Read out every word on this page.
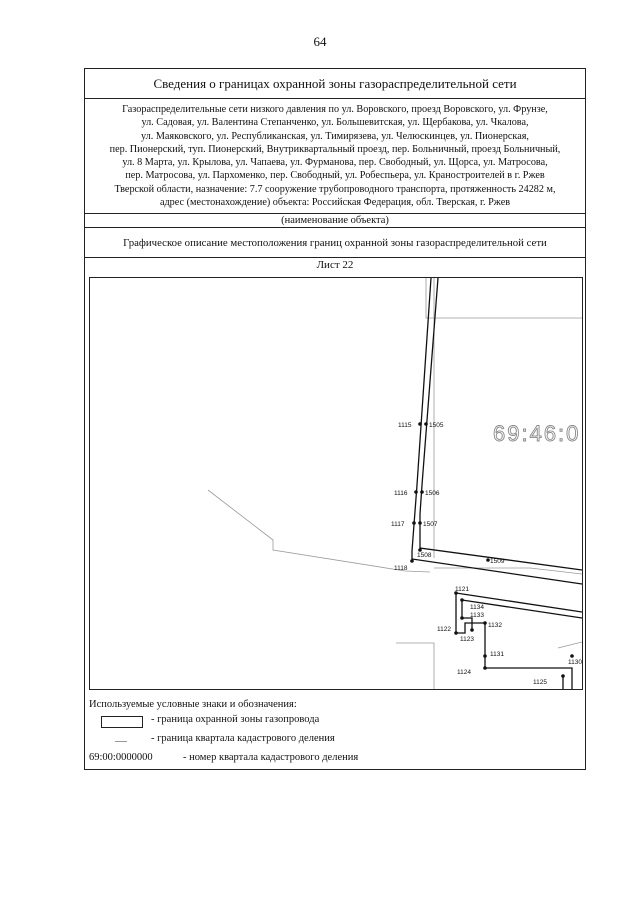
64
Сведения о границах охранной зоны газораспределительной сети
Газораспределительные сети низкого давления по ул. Воровского, проезд Воровского, ул. Фрунзе,
ул. Садовая, ул. Валентина Степанченко, ул. Большевитская, ул. Щербакова, ул. Чкалова,
ул. Маяковского, ул. Республиканская, ул. Тимирязева, ул. Челюскинцев, ул. Пионерская,
пер. Пионерский, туп. Пионерский, Внутриквартальный проезд, пер. Больничный, проезд Больничный,
ул. 8 Марта, ул. Крылова, ул. Чапаева, ул. Фурманова, пер. Свободный, ул. Щорса, ул. Матросова,
пер. Матросова, ул. Пархоменко, пер. Свободный, ул. Робеспьера, ул. Краностроителей в г. Ржев
Тверской области, назначение: 7.7 сооружение трубопроводного транспорта, протяженность 24282 м,
адрес (местонахождение) объекта: Российская Федерация, обл. Тверская, г. Ржев
(наименование объекта)
Графическое описание местоположения границ охранной зоны газораспределительной сети
Лист 22
69:46:0
1115	1505
1116	1506
1117	1507
1508
1118
1509
1121
1134
1133
1132
1122
1123
1131
1130
1124
1125
Используемые условные знаки и обозначения:
- граница охранной зоны газопровода
- граница квартала кадастрового деления
69:00:0000000	- номер квартала кадастрового деления
